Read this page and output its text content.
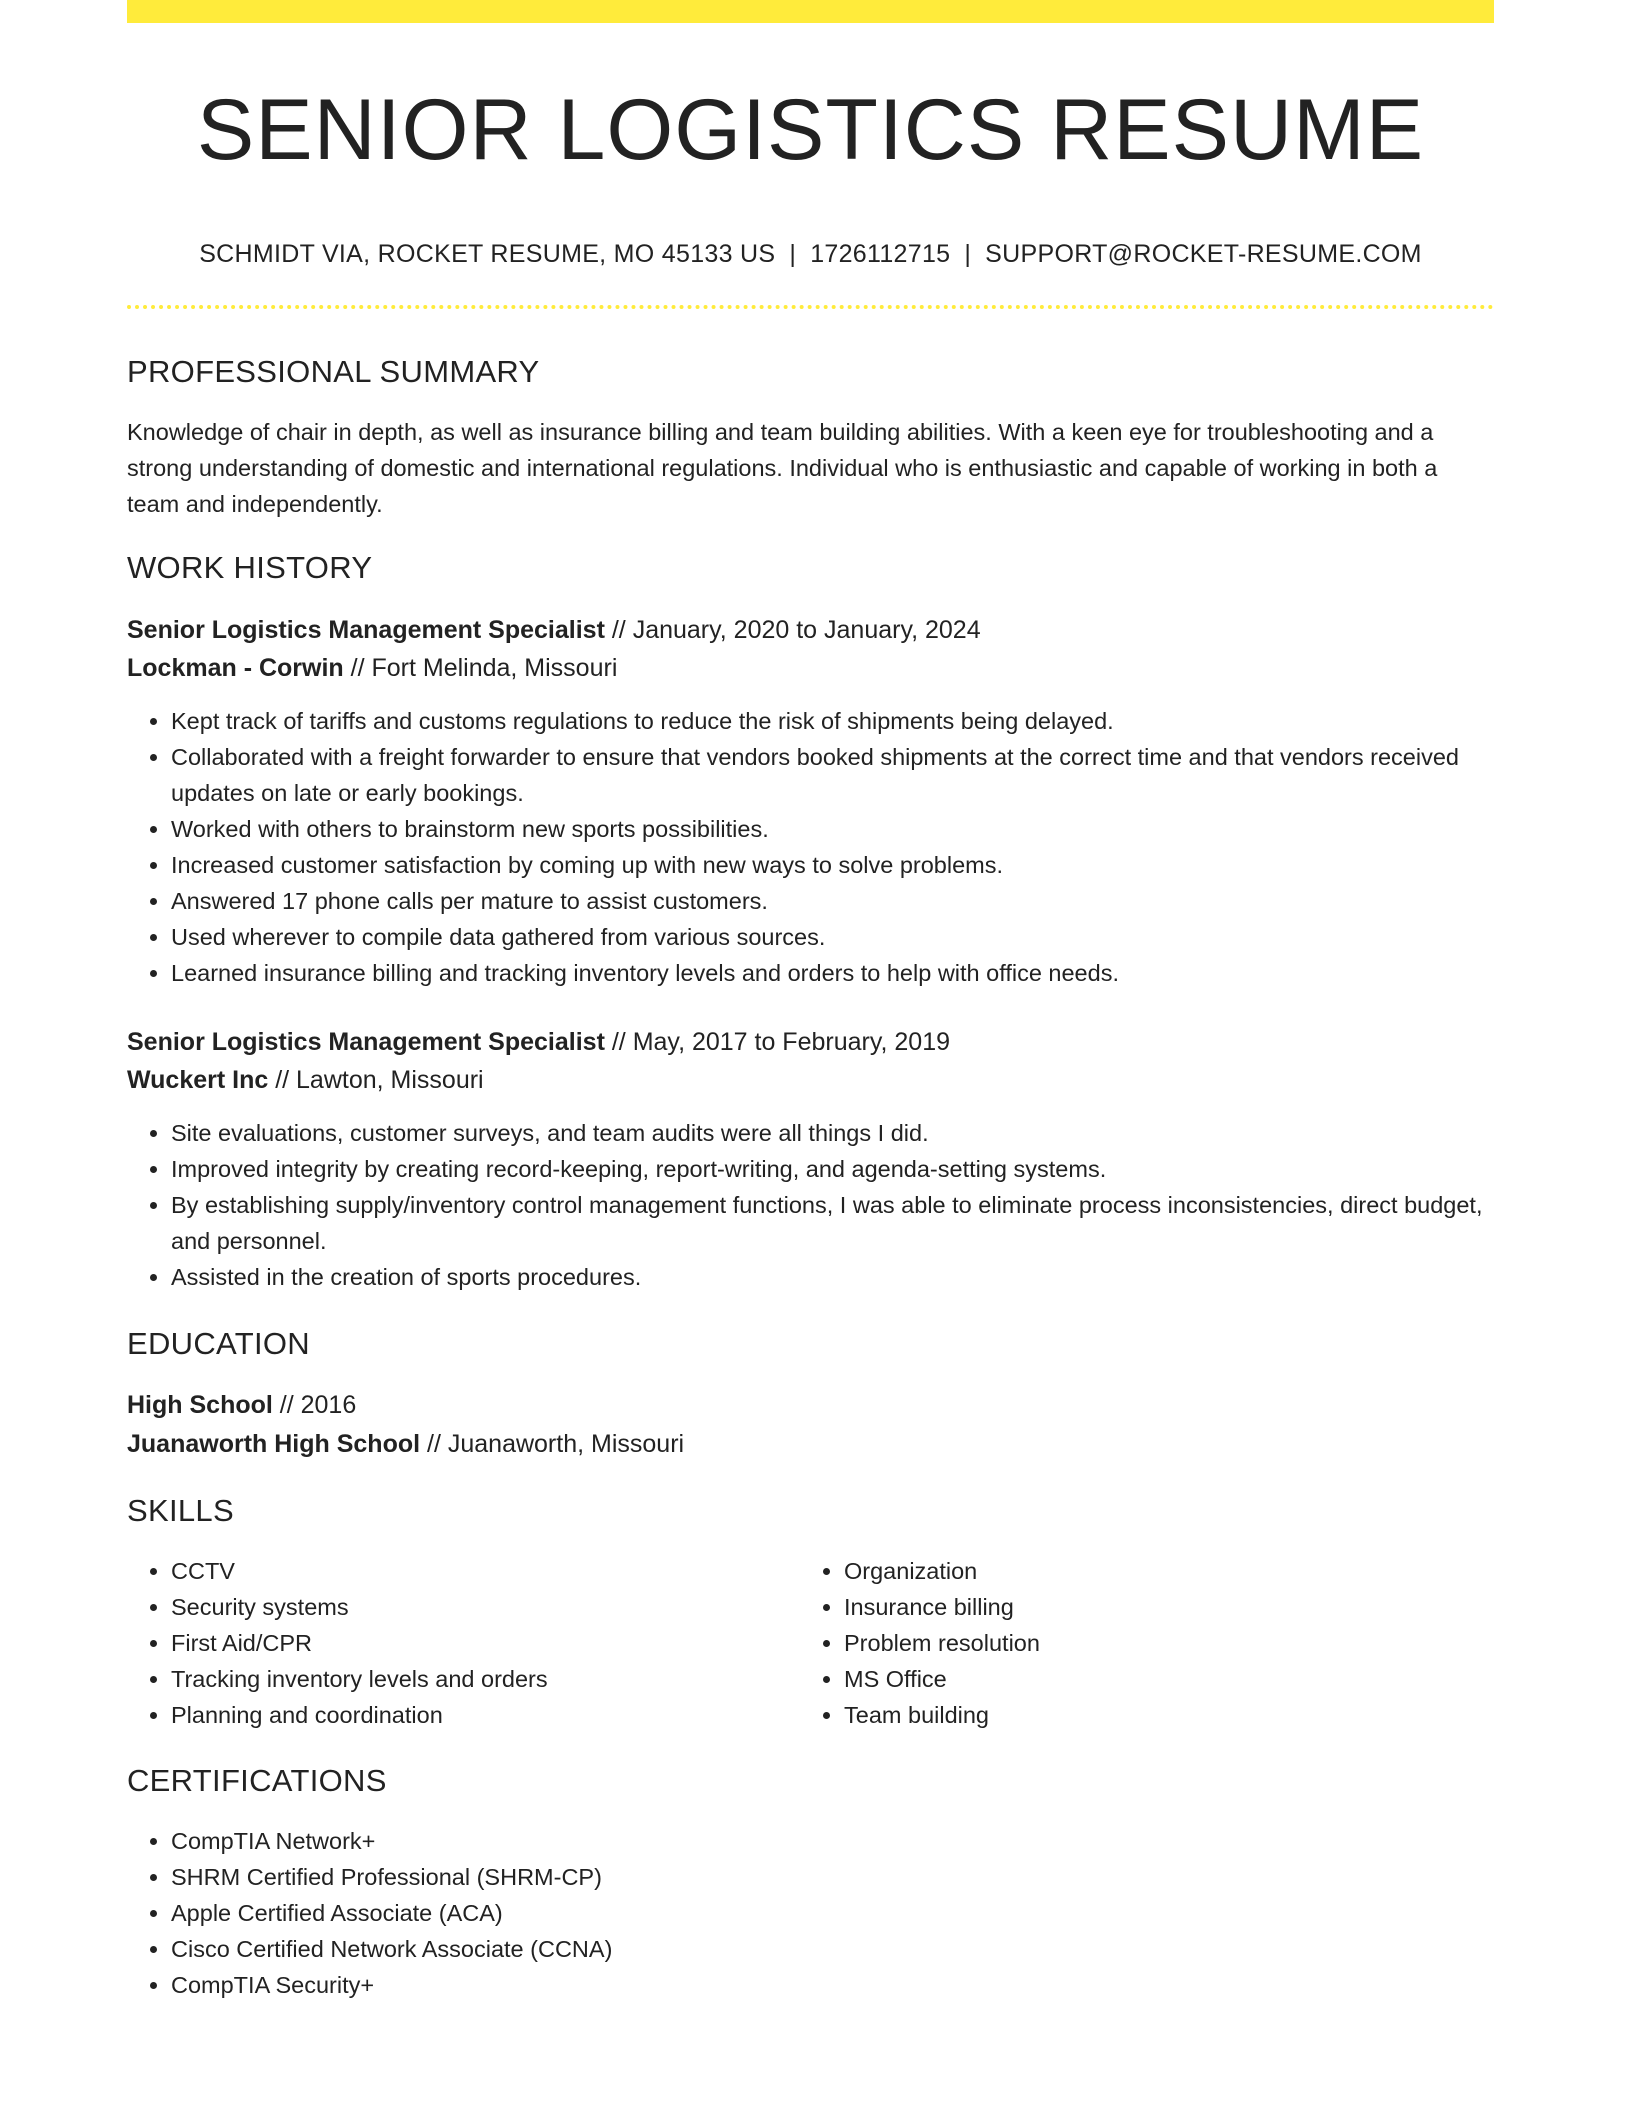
SENIOR LOGISTICS RESUME
SCHMIDT VIA, ROCKET RESUME, MO 45133 US | 1726112715 | SUPPORT@ROCKET-RESUME.COM
PROFESSIONAL SUMMARY

Knowledge of chair in depth, as well as insurance billing and team building abilities. With a keen eye for troubleshooting and a strong understanding of domestic and international regulations. Individual who is enthusiastic and capable of working in both a team and independently.

WORK HISTORY
Senior Logistics Management Specialist // January, 2020 to January, 2024
Lockman - Corwin // Fort Melinda, Missouri
• Kept track of tariffs and customs regulations to reduce the risk of shipments being delayed.
• Collaborated with a freight forwarder to ensure that vendors booked shipments at the correct time and that vendors received updates on late or early bookings.
• Worked with others to brainstorm new sports possibilities.
• Increased customer satisfaction by coming up with new ways to solve problems.
• Answered 17 phone calls per mature to assist customers.
• Used wherever to compile data gathered from various sources.
• Learned insurance billing and tracking inventory levels and orders to help with office needs.
Senior Logistics Management Specialist // May, 2017 to February, 2019
Wuckert Inc // Lawton, Missouri
• Site evaluations, customer surveys, and team audits were all things I did.
• Improved integrity by creating record-keeping, report-writing, and agenda-setting systems.
• By establishing supply/inventory control management functions, I was able to eliminate process inconsistencies, direct budget, and personnel.
• Assisted in the creation of sports procedures.
EDUCATION
High School // 2016
Juanaworth High School // Juanaworth, Missouri
SKILLS
• CCTV
• Security systems
• First Aid/CPR
• Tracking inventory levels and orders
• Planning and coordination
• Organization
• Insurance billing
• Problem resolution
• MS Office
• Team building
CERTIFICATIONS
• CompTIA Network+
• SHRM Certified Professional (SHRM-CP)
• Apple Certified Associate (ACA)
• Cisco Certified Network Associate (CCNA)
• CompTIA Security+
